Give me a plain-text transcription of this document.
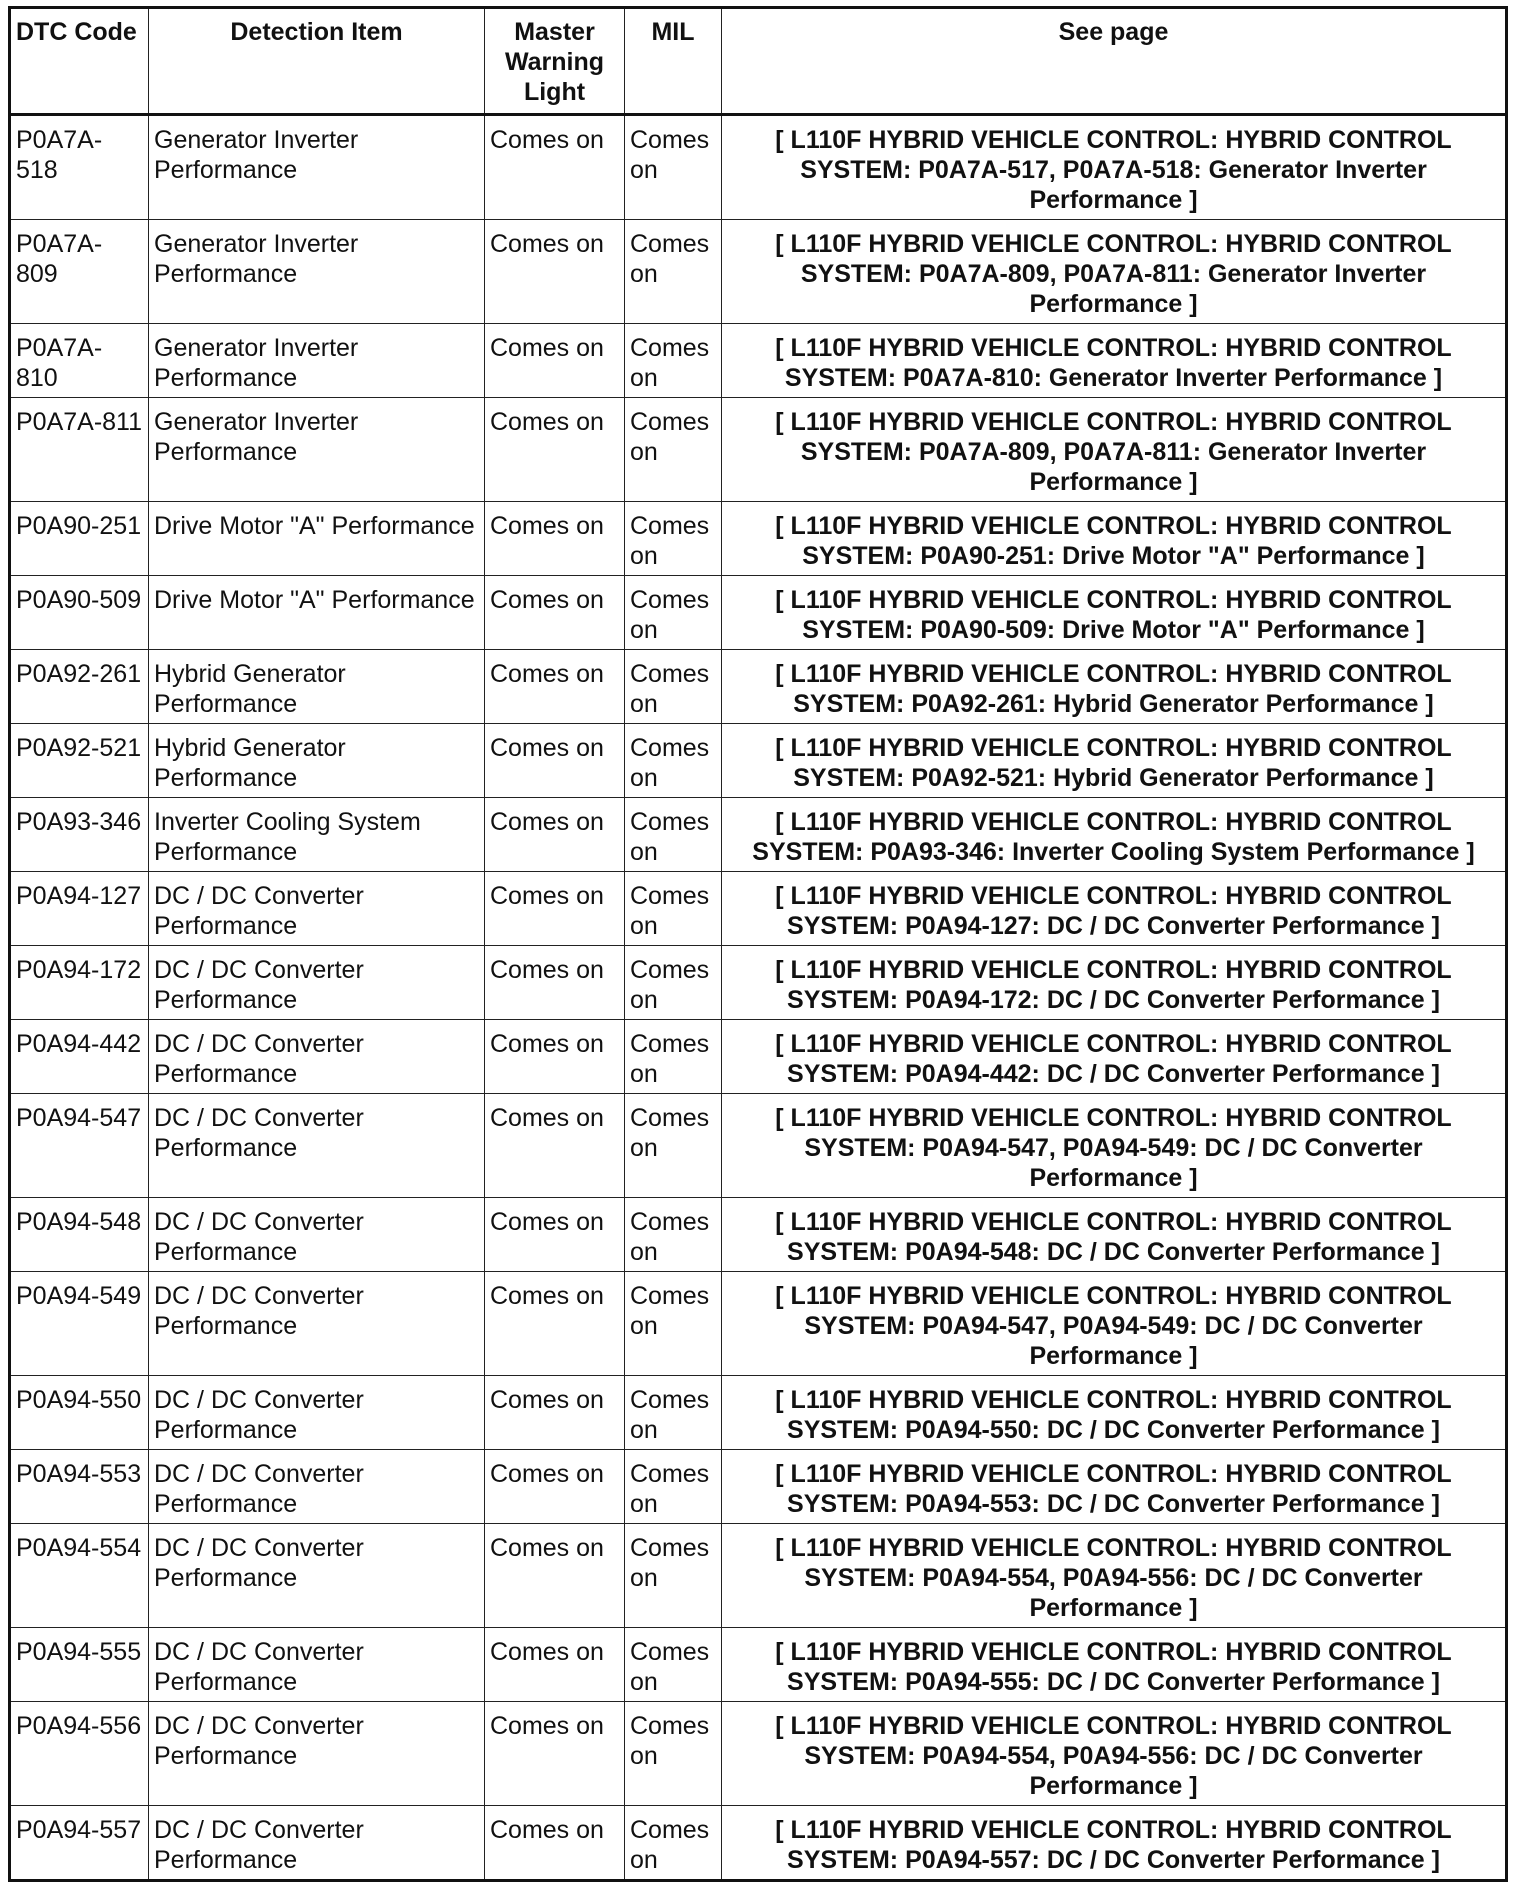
DTC Code	Detection Item	Master Warning Light	MIL	See page
P0A7A-518	Generator Inverter Performance	Comes on	Comes on	[ L110F HYBRID VEHICLE CONTROL: HYBRID CONTROL SYSTEM: P0A7A-517, P0A7A-518: Generator Inverter Performance ]
P0A7A-809	Generator Inverter Performance	Comes on	Comes on	[ L110F HYBRID VEHICLE CONTROL: HYBRID CONTROL SYSTEM: P0A7A-809, P0A7A-811: Generator Inverter Performance ]
P0A7A-810	Generator Inverter Performance	Comes on	Comes on	[ L110F HYBRID VEHICLE CONTROL: HYBRID CONTROL SYSTEM: P0A7A-810: Generator Inverter Performance ]
P0A7A-811	Generator Inverter Performance	Comes on	Comes on	[ L110F HYBRID VEHICLE CONTROL: HYBRID CONTROL SYSTEM: P0A7A-809, P0A7A-811: Generator Inverter Performance ]
P0A90-251	Drive Motor "A" Performance	Comes on	Comes on	[ L110F HYBRID VEHICLE CONTROL: HYBRID CONTROL SYSTEM: P0A90-251: Drive Motor "A" Performance ]
P0A90-509	Drive Motor "A" Performance	Comes on	Comes on	[ L110F HYBRID VEHICLE CONTROL: HYBRID CONTROL SYSTEM: P0A90-509: Drive Motor "A" Performance ]
P0A92-261	Hybrid Generator Performance	Comes on	Comes on	[ L110F HYBRID VEHICLE CONTROL: HYBRID CONTROL SYSTEM: P0A92-261: Hybrid Generator Performance ]
P0A92-521	Hybrid Generator Performance	Comes on	Comes on	[ L110F HYBRID VEHICLE CONTROL: HYBRID CONTROL SYSTEM: P0A92-521: Hybrid Generator Performance ]
P0A93-346	Inverter Cooling System Performance	Comes on	Comes on	[ L110F HYBRID VEHICLE CONTROL: HYBRID CONTROL SYSTEM: P0A93-346: Inverter Cooling System Performance ]
P0A94-127	DC / DC Converter Performance	Comes on	Comes on	[ L110F HYBRID VEHICLE CONTROL: HYBRID CONTROL SYSTEM: P0A94-127: DC / DC Converter Performance ]
P0A94-172	DC / DC Converter Performance	Comes on	Comes on	[ L110F HYBRID VEHICLE CONTROL: HYBRID CONTROL SYSTEM: P0A94-172: DC / DC Converter Performance ]
P0A94-442	DC / DC Converter Performance	Comes on	Comes on	[ L110F HYBRID VEHICLE CONTROL: HYBRID CONTROL SYSTEM: P0A94-442: DC / DC Converter Performance ]
P0A94-547	DC / DC Converter Performance	Comes on	Comes on	[ L110F HYBRID VEHICLE CONTROL: HYBRID CONTROL SYSTEM: P0A94-547, P0A94-549: DC / DC Converter Performance ]
P0A94-548	DC / DC Converter Performance	Comes on	Comes on	[ L110F HYBRID VEHICLE CONTROL: HYBRID CONTROL SYSTEM: P0A94-548: DC / DC Converter Performance ]
P0A94-549	DC / DC Converter Performance	Comes on	Comes on	[ L110F HYBRID VEHICLE CONTROL: HYBRID CONTROL SYSTEM: P0A94-547, P0A94-549: DC / DC Converter Performance ]
P0A94-550	DC / DC Converter Performance	Comes on	Comes on	[ L110F HYBRID VEHICLE CONTROL: HYBRID CONTROL SYSTEM: P0A94-550: DC / DC Converter Performance ]
P0A94-553	DC / DC Converter Performance	Comes on	Comes on	[ L110F HYBRID VEHICLE CONTROL: HYBRID CONTROL SYSTEM: P0A94-553: DC / DC Converter Performance ]
P0A94-554	DC / DC Converter Performance	Comes on	Comes on	[ L110F HYBRID VEHICLE CONTROL: HYBRID CONTROL SYSTEM: P0A94-554, P0A94-556: DC / DC Converter Performance ]
P0A94-555	DC / DC Converter Performance	Comes on	Comes on	[ L110F HYBRID VEHICLE CONTROL: HYBRID CONTROL SYSTEM: P0A94-555: DC / DC Converter Performance ]
P0A94-556	DC / DC Converter Performance	Comes on	Comes on	[ L110F HYBRID VEHICLE CONTROL: HYBRID CONTROL SYSTEM: P0A94-554, P0A94-556: DC / DC Converter Performance ]
P0A94-557	DC / DC Converter Performance	Comes on	Comes on	[ L110F HYBRID VEHICLE CONTROL: HYBRID CONTROL SYSTEM: P0A94-557: DC / DC Converter Performance ]
